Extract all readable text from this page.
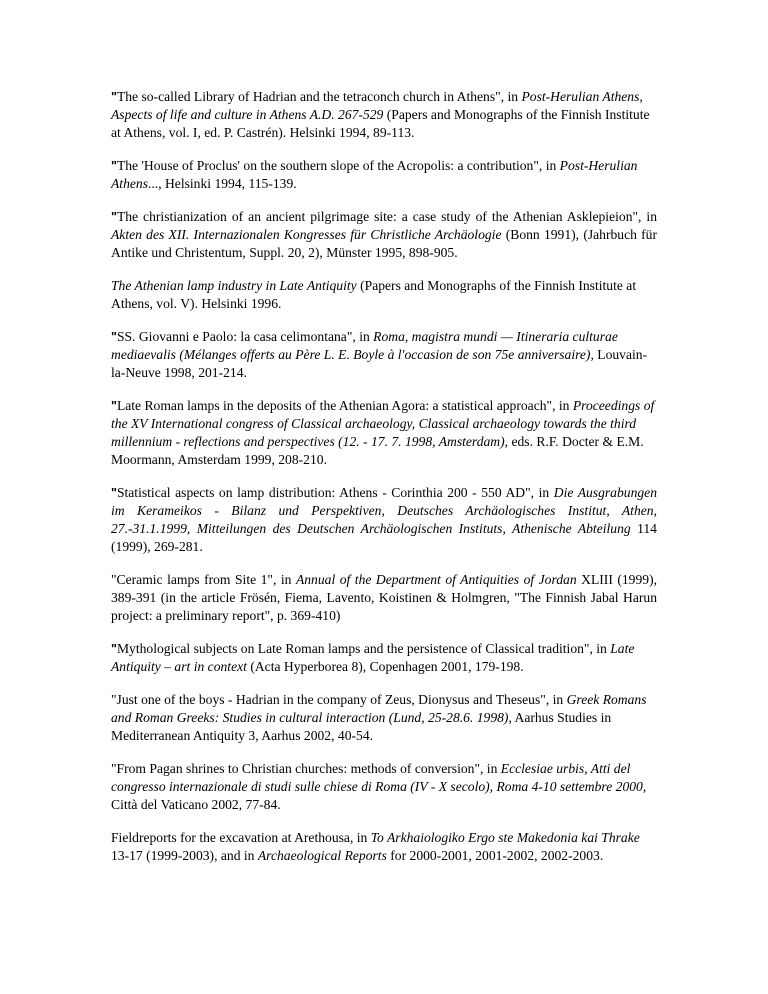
"The so-called Library of Hadrian and the tetraconch church in Athens", in Post-Herulian Athens, Aspects of life and culture in Athens A.D. 267-529 (Papers and Monographs of the Finnish Institute at Athens, vol. I, ed. P. Castrén). Helsinki 1994, 89-113.

"The 'House of Proclus' on the southern slope of the Acropolis: a contribution", in Post-Herulian Athens..., Helsinki 1994, 115-139.

"The christianization of an ancient pilgrimage site: a case study of the Athenian Asklepieion", in Akten des XII. Internazionalen Kongresses für Christliche Archäologie (Bonn 1991), (Jahrbuch für Antike und Christentum, Suppl. 20, 2), Münster 1995, 898-905.

The Athenian lamp industry in Late Antiquity (Papers and Monographs of the Finnish Institute at Athens, vol. V). Helsinki 1996.

"SS. Giovanni e Paolo: la casa celimontana", in Roma, magistra mundi — Itineraria culturae mediaevalis (Mélanges offerts au Père L. E. Boyle à l'occasion de son 75e anniversaire), Louvain-la-Neuve 1998, 201-214.

"Late Roman lamps in the deposits of the Athenian Agora: a statistical approach", in Proceedings of the XV International congress of Classical archaeology, Classical archaeology towards the third millennium - reflections and perspectives (12. - 17. 7. 1998, Amsterdam), eds. R.F. Docter & E.M. Moormann, Amsterdam 1999, 208-210.

"Statistical aspects on lamp distribution: Athens - Corinthia 200 - 550 AD", in Die Ausgrabungen im Kerameikos - Bilanz und Perspektiven, Deutsches Archäologisches Institut, Athen, 27.-31.1.1999, Mitteilungen des Deutschen Archäologischen Instituts, Athenische Abteilung 114 (1999), 269-281.

"Ceramic lamps from Site 1", in Annual of the Department of Antiquities of Jordan XLIII (1999), 389-391 (in the article Frösén, Fiema, Lavento, Koistinen & Holmgren, "The Finnish Jabal Harun project: a preliminary report", p. 369-410)

"Mythological subjects on Late Roman lamps and the persistence of Classical tradition", in Late Antiquity – art in context (Acta Hyperborea 8), Copenhagen 2001, 179-198.

"Just one of the boys - Hadrian in the company of Zeus, Dionysus and Theseus", in Greek Romans and Roman Greeks: Studies in cultural interaction (Lund, 25-28.6. 1998), Aarhus Studies in Mediterranean Antiquity 3, Aarhus 2002, 40-54.

"From Pagan shrines to Christian churches: methods of conversion", in Ecclesiae urbis, Atti del congresso internazionale di studi sulle chiese di Roma (IV - X secolo), Roma 4-10 settembre 2000, Città del Vaticano 2002, 77-84.

Fieldreports for the excavation at Arethousa, in To Arkhaiologiko Ergo ste Makedonia kai Thrake 13-17 (1999-2003), and in Archaeological Reports for 2000-2001, 2001-2002, 2002-2003.
